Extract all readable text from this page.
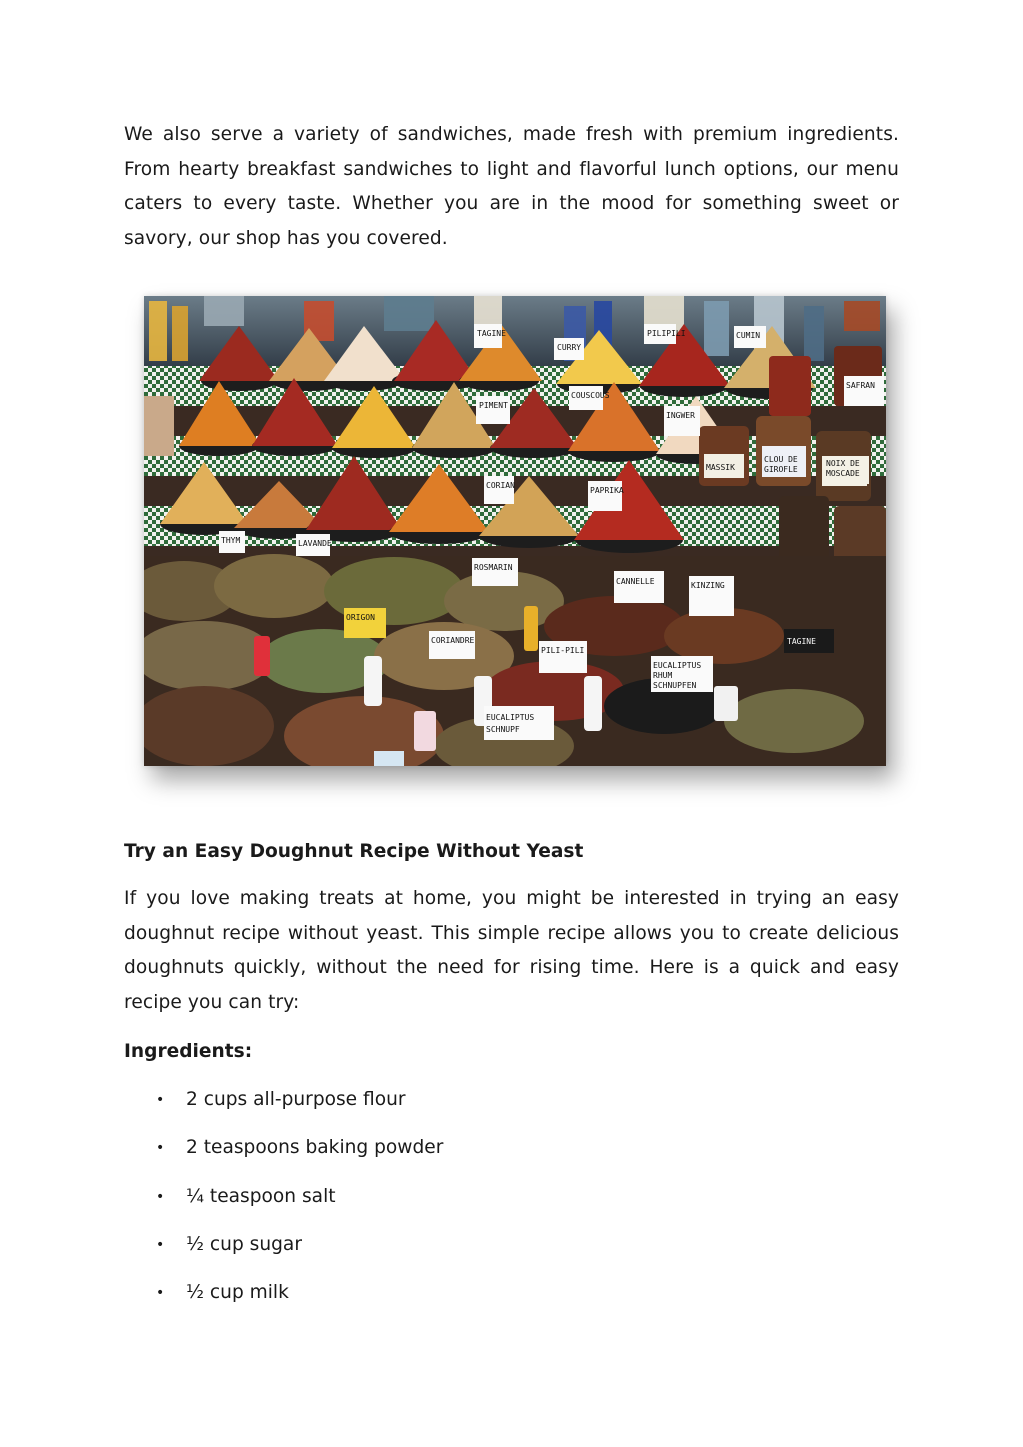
We also serve a variety of sandwiches, made fresh with premium ingredients. From hearty breakfast sandwiches to light and flavorful lunch options, our menu caters to every taste. Whether you are in the mood for something sweet or savory, our shop has you covered.

TAGINE
CURRY
PILIPILI	CUMIN
SAFRAN
PIMENT
INGWER
COUSCOUS
PAPRIKA
CORIAN
ROSMARIN
CANNELLE	KINZING
ORIGON
CORIANDRE
PILI-PILI
EUCALIPTUS
RHUM
SCHNUPFEN
EUCALIPTUS
SCHNUPF
LAVANDE
THYM
MASSIK	NOIX DE
MOSCADE
CLOU DE
GIROFLE
TAGINE
Try an Easy Doughnut Recipe Without Yeast

If you love making treats at home, you might be interested in trying an easy doughnut recipe without yeast. This simple recipe allows you to create delicious doughnuts quickly, without the need for rising time. Here is a quick and easy recipe you can try:

Ingredients:
• 2 cups all-purpose flour
• 2 teaspoons baking powder
• ¼ teaspoon salt
• ½ cup sugar
• ½ cup milk
